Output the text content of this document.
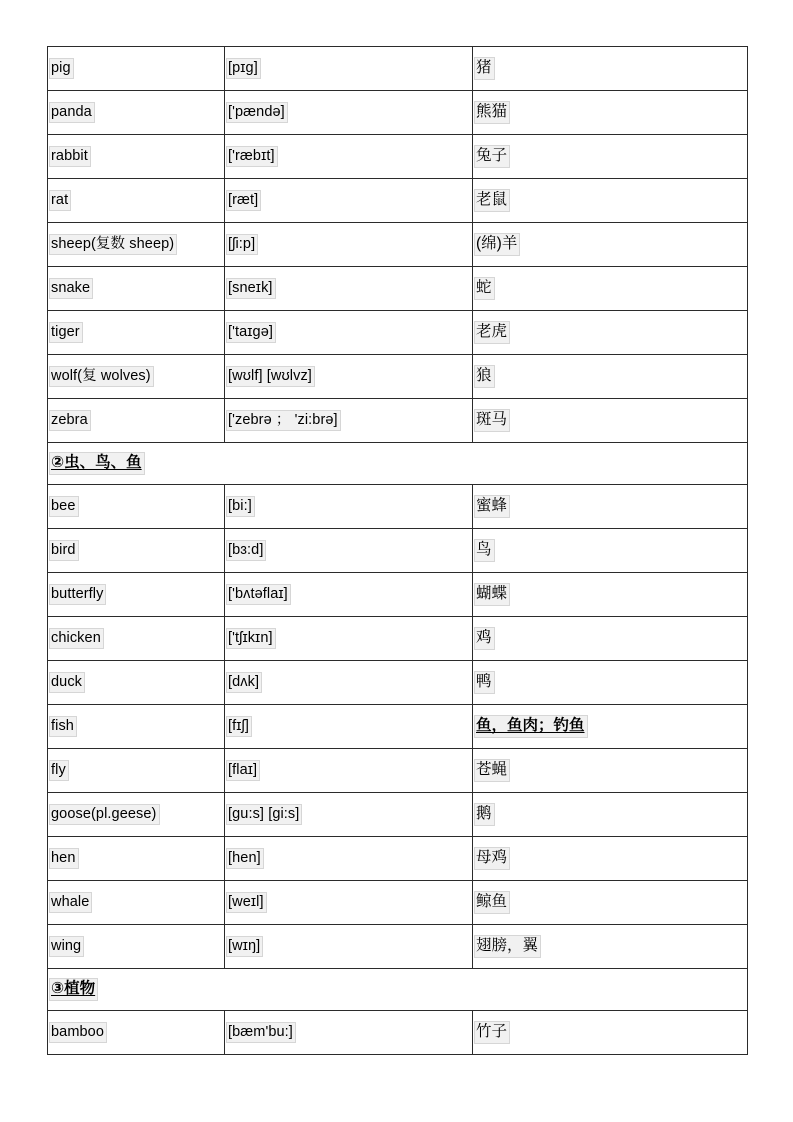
pig	[pɪg]	猪
panda	['pændə]	熊猫
rabbit	['ræbɪt]	兔子
rat	[ræt]	老鼠
sheep(复数 sheep)	[ʃi:p]	(绵)羊
snake	[sneɪk]	蛇
tiger	['taɪgə]	老虎
wolf(复 wolves)	[wʊlf] [wʊlvz]	狼
zebra	['zebrə ； 'zi:brə]	斑马
②虫、鸟、鱼		
bee	[bi:]	蜜蜂
bird	[bɜ:d]	鸟
butterfly	['bʌtəflaɪ]	蝴蝶
chicken	['tʃɪkɪn]	鸡
duck	[dʌk]	鸭
fish	[fɪʃ]	鱼，鱼肉；钓鱼
fly	[flaɪ]	苍蝇
goose(pl.geese)	[gu:s] [gi:s]	鹅
hen	[hen]	母鸡
whale	[weɪl]	鲸鱼
wing	[wɪŋ]	翅膀，翼
③植物		
bamboo	[bæm'bu:]	竹子
